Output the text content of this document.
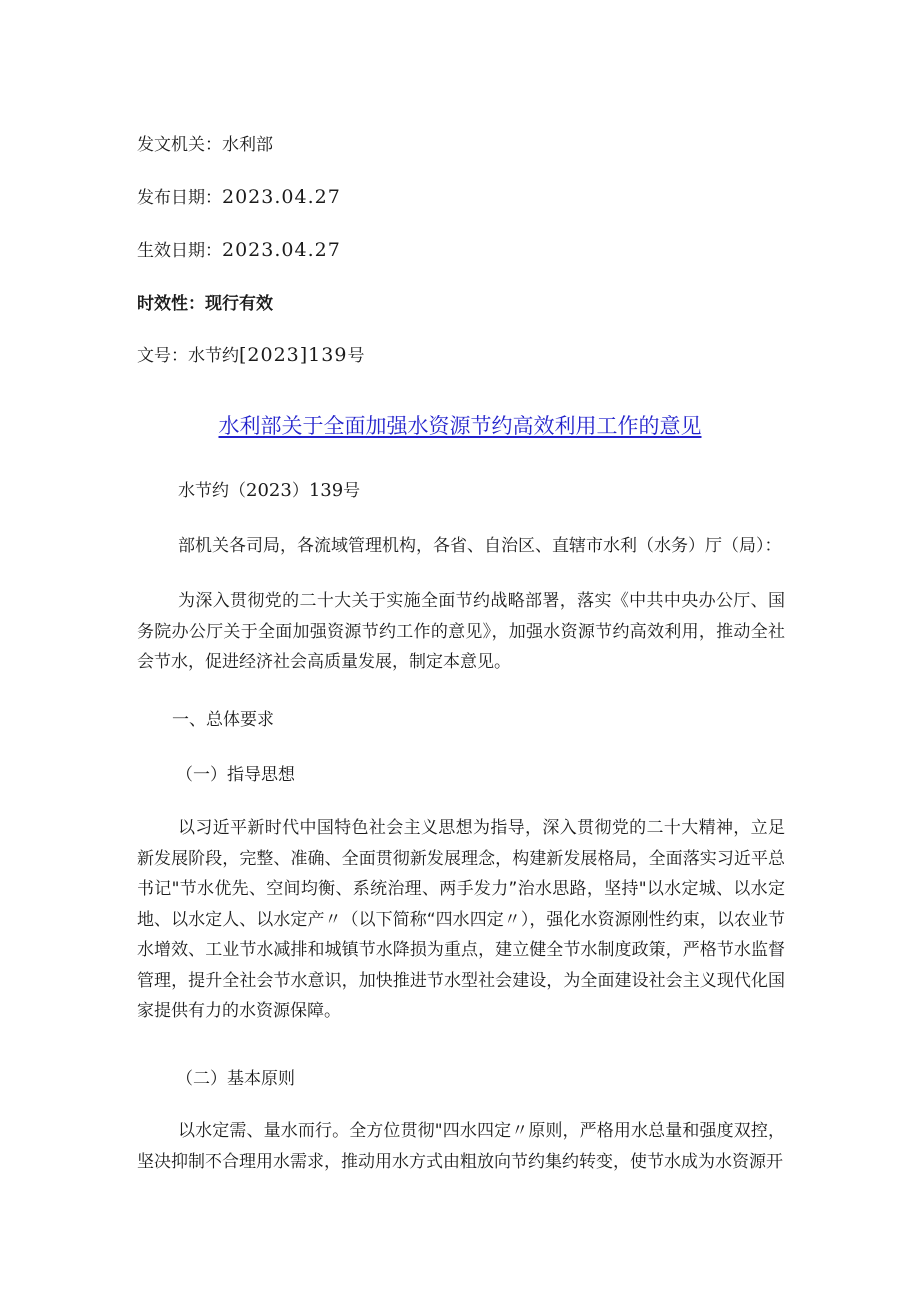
发文机关：水利部
发布日期：2023.04.27
生效日期：2023.04.27
时效性：现行有效
文号：水节约[2023]139号
水利部关于全面加强水资源节约高效利用工作的意见
水节约（2023）139号
部机关各司局，各流域管理机构，各省、自治区、直辖市水利（水务）厅（局）：
为深入贯彻党的二十大关于实施全面节约战略部署，落实《中共中央办公厅、国务院办公厅关于全面加强资源节约工作的意见》，加强水资源节约高效利用，推动全社会节水，促进经济社会高质量发展，制定本意见。
一、总体要求
（一）指导思想
以习近平新时代中国特色社会主义思想为指导，深入贯彻党的二十大精神，立足新发展阶段，完整、准确、全面贯彻新发展理念，构建新发展格局，全面落实习近平总书记"节水优先、空间均衡、系统治理、两手发力”治水思路，坚持"以水定城、以水定地、以水定人、以水定产〃（以下简称“四水四定〃），强化水资源刚性约束，以农业节水增效、工业节水减排和城镇节水降损为重点，建立健全节水制度政策，严格节水监督管理，提升全社会节水意识，加快推进节水型社会建设，为全面建设社会主义现代化国家提供有力的水资源保障。
（二）基本原则
以水定需、量水而行。全方位贯彻"四水四定〃原则，严格用水总量和强度双控，坚决抑制不合理用水需求，推动用水方式由粗放向节约集约转变，使节水成为水资源开
